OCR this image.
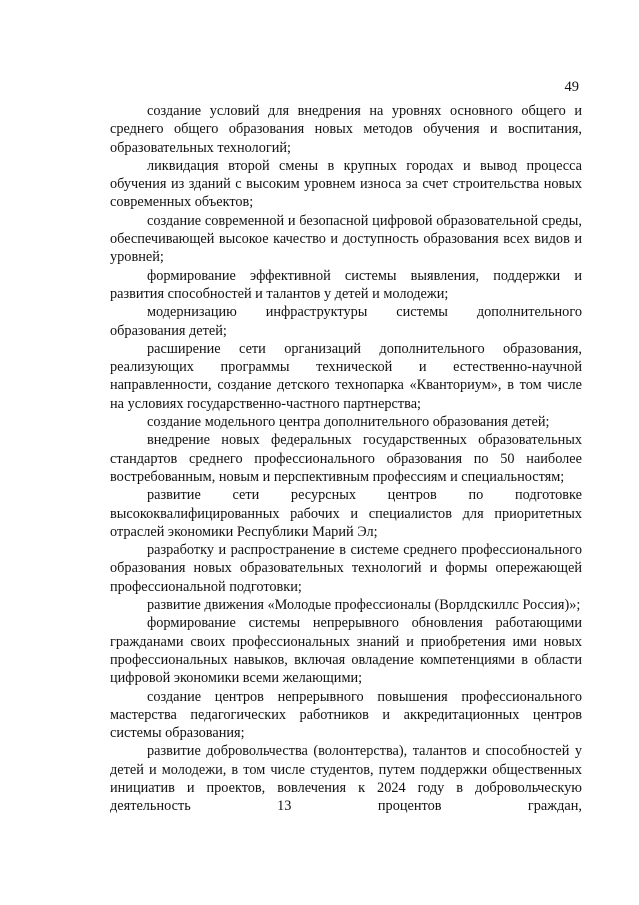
49

создание условий для внедрения на уровнях основного общего и среднего общего образования новых методов обучения и воспитания, образовательных технологий;

ликвидация второй смены в крупных городах и вывод процесса обучения из зданий с высоким уровнем износа за счет строительства новых современных объектов;

создание современной и безопасной цифровой образовательной среды, обеспечивающей высокое качество и доступность образования всех видов и уровней;

формирование эффективной системы выявления, поддержки и развития способностей и талантов у детей и молодежи;

модернизацию инфраструктуры системы дополнительного образования детей;

расширение сети организаций дополнительного образования, реализующих программы технической и естественно-научной направленности, создание детского технопарка «Кванториум», в том числе на условиях государственно-частного партнерства;

создание модельного центра дополнительного образования детей;

внедрение новых федеральных государственных образовательных стандартов среднего профессионального образования по 50 наиболее востребованным, новым и перспективным профессиям и специальностям;

развитие сети ресурсных центров по подготовке высококвалифицированных рабочих и специалистов для приоритетных отраслей экономики Республики Марий Эл;

разработку и распространение в системе среднего профессионального образования новых образовательных технологий и формы опережающей профессиональной подготовки;

развитие движения «Молодые профессионалы (Ворлдскиллс Россия)»;

формирование системы непрерывного обновления работающими гражданами своих профессиональных знаний и приобретения ими новых профессиональных навыков, включая овладение компетенциями в области цифровой экономики всеми желающими;

создание центров непрерывного повышения профессионального мастерства педагогических работников и аккредитационных центров системы образования;

развитие добровольчества (волонтерства), талантов и способностей у детей и молодежи, в том числе студентов, путем поддержки общественных инициатив и проектов, вовлечения к 2024 году в добровольческую деятельность 13 процентов граждан,
